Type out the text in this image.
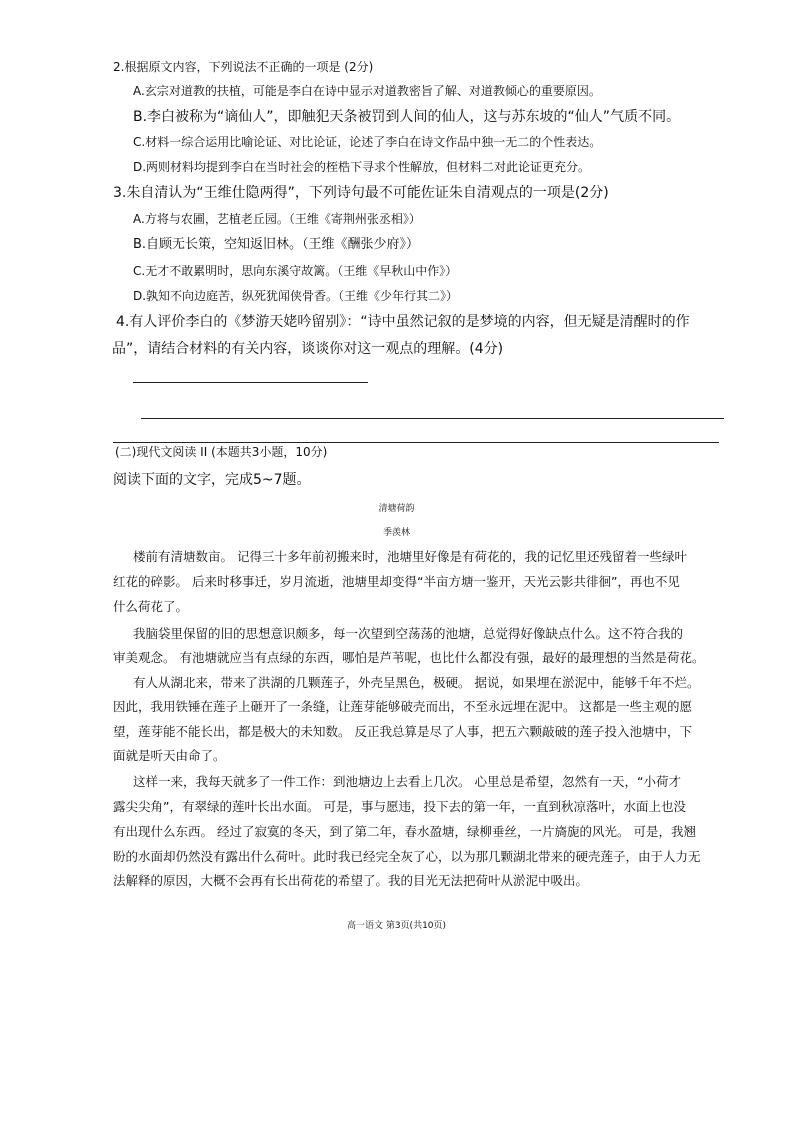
2.根据原文内容，下列说法不正确的一项是 (2分)
A.玄宗对道教的扶植，可能是李白在诗中显示对道教密旨了解、对道教倾心的重要原因。
B.李白被称为“谪仙人”，即触犯天条被罚到人间的仙人，这与苏东坡的“仙人”气质不同。
C.材料一综合运用比喻论证、对比论证，论述了李白在诗文作品中独一无二的个性表达。
D.两则材料均提到李白在当时社会的桎梏下寻求个性解放，但材料二对此论证更充分。
3.朱自清认为“王维仕隐两得”，下列诗句最不可能佐证朱自清观点的一项是(2分)
A.方将与农圃，艺植老丘园。（王维《寄荆州张丞相》）
B.自顾无长策，空知返旧林。（王维《酬张少府》）
C.无才不敢累明时，思向东溪守故篱。（王维《早秋山中作》）
D.孰知不向边庭苦，纵死犹闻侠骨香。（王维《少年行其二》）
4.有人评价李白的《梦游天姥吟留别》：“诗中虽然记叙的是梦境的内容，但无疑是清醒时的作
品”，请结合材料的有关内容，谈谈你对这一观点的理解。(4分)
(二)现代文阅读 II (本题共3小题，10分)
阅读下面的文字，完成5~7题。
清塘荷韵
季羡林
楼前有清塘数亩。 记得三十多年前初搬来时，池塘里好像是有荷花的，我的记忆里还残留着一些绿叶
红花的碎影。 后来时移事迁，岁月流逝，池塘里却变得“半亩方塘一鉴开，天光云影共徘徊”，再也不见
什么荷花了。
我脑袋里保留的旧的思想意识颇多，每一次望到空荡荡的池塘，总觉得好像缺点什么。这不符合我的
审美观念。 有池塘就应当有点绿的东西，哪怕是芦苇呢，也比什么都没有强，最好的最理想的当然是荷花。
有人从湖北来，带来了洪湖的几颗莲子，外壳呈黑色，极硬。 据说，如果埋在淤泥中，能够千年不烂。
因此，我用铁锤在莲子上砸开了一条缝，让莲芽能够破壳而出，不至永远埋在泥中。 这都是一些主观的愿
望，莲芽能不能长出，都是极大的未知数。 反正我总算是尽了人事，把五六颗敲破的莲子投入池塘中，下
面就是听天由命了。
这样一来，我每天就多了一件工作：到池塘边上去看上几次。 心里总是希望，忽然有一天，“小荷才
露尖尖角”，有翠绿的莲叶长出水面。 可是，事与愿违，投下去的第一年，一直到秋凉落叶，水面上也没
有出现什么东西。 经过了寂寞的冬天，到了第二年，春水盈塘，绿柳垂丝，一片旖旎的风光。 可是，我翘
盼的水面却仍然没有露出什么荷叶。此时我已经完全灰了心，以为那几颗湖北带来的硬壳莲子，由于人力无
法解释的原因，大概不会再有长出荷花的希望了。我的目光无法把荷叶从淤泥中吸出。
高一语文 第3页(共10页)
